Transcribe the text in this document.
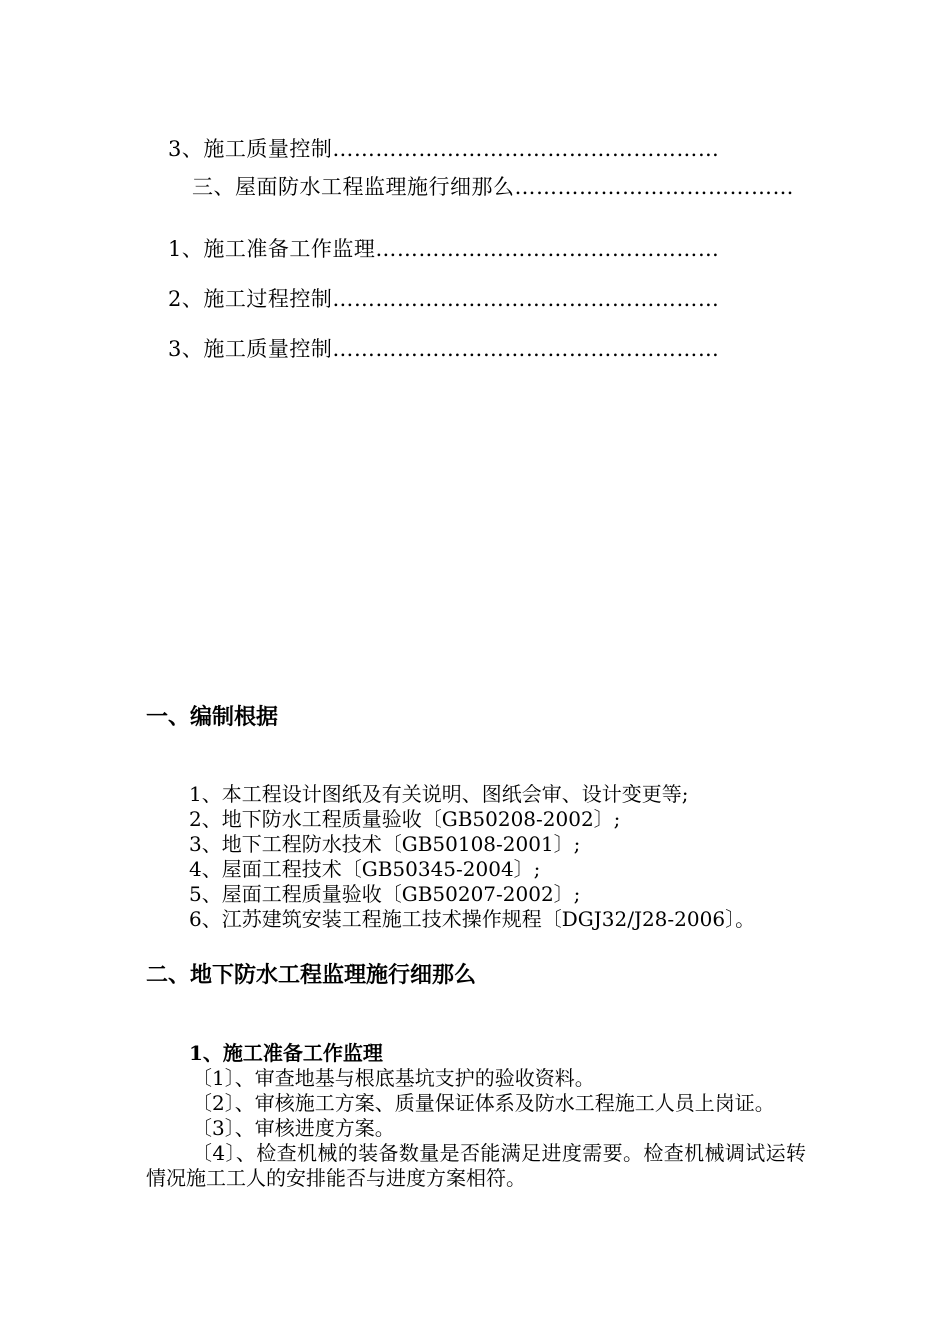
3、施工质量控制………………………………………………
三、屋面防水工程监理施行细那么…………………………………
1、施工准备工作监理…………………………………………
2、施工过程控制………………………………………………
3、施工质量控制………………………………………………
一、编制根据
1、本工程设计图纸及有关说明、图纸会审、设计变更等;
2、地下防水工程质量验收〔GB50208-2002〕;
3、地下工程防水技术〔GB50108-2001〕;
4、屋面工程技术〔GB50345-2004〕;
5、屋面工程质量验收〔GB50207-2002〕;
6、江苏建筑安装工程施工技术操作规程〔DGJ32/J28-2006〕。
二、地下防水工程监理施行细那么
1、施工准备工作监理

〔1〕、审查地基与根底基坑支护的验收资料。

〔2〕、审核施工方案、质量保证体系及防水工程施工人员上岗证。

〔3〕、审核进度方案。

〔4〕、检查机械的装备数量是否能满足进度需要。检查机械调试运转情况施工工人的安排能否与进度方案相符。
